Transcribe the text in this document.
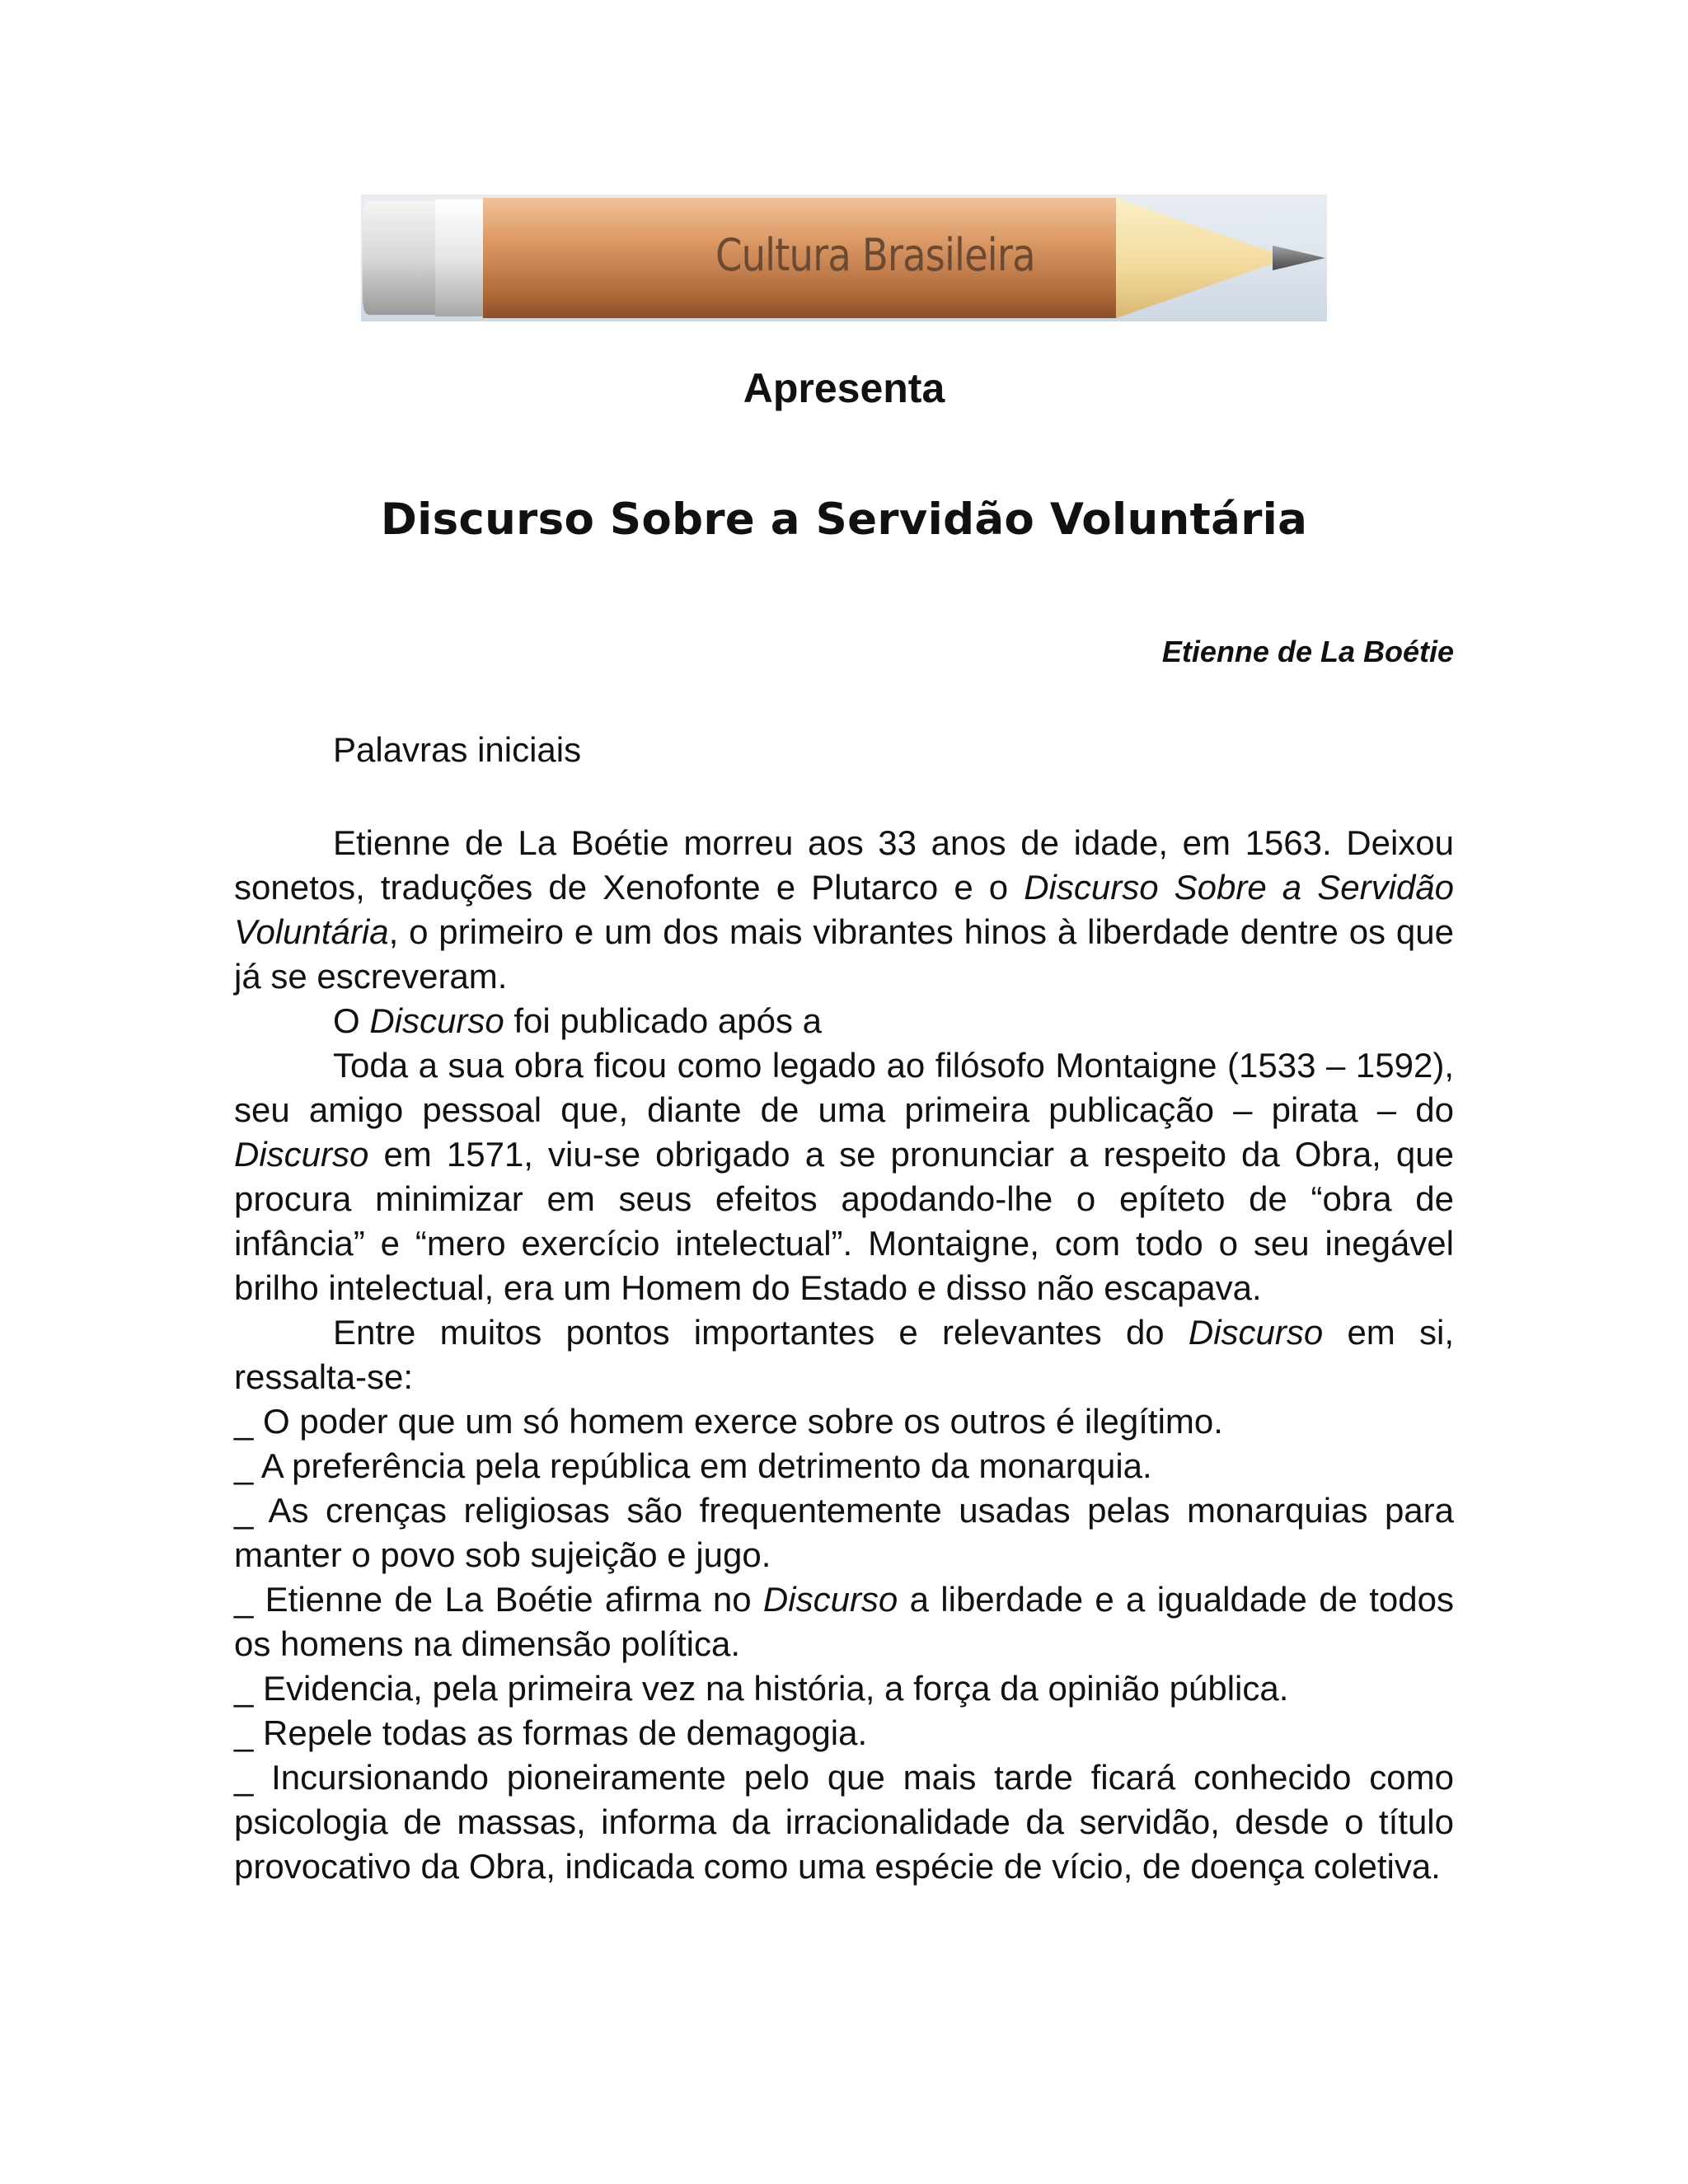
Cultura Brasileira
Apresenta
Discurso Sobre a Servidão Voluntária
Etienne de La Boétie
Palavras iniciais

Etienne de La Boétie morreu aos 33 anos de idade, em 1563. Deixou sonetos, traduções de Xenofonte e Plutarco e o Discurso Sobre a Servidão Voluntária, o primeiro e um dos mais vibrantes hinos à liberdade dentre os que já se escreveram.

O Discurso foi publicado após a

Toda a sua obra ficou como legado ao filósofo Montaigne (1533 – 1592), seu amigo pessoal que, diante de uma primeira publicação – pirata – do Discurso em 1571, viu-se obrigado a se pronunciar a respeito da Obra, que procura minimizar em seus efeitos apodando-lhe o epíteto de “obra de infância” e “mero exercício intelectual”. Montaigne, com todo o seu inegável brilho intelectual, era um Homem do Estado e disso não escapava.

Entre muitos pontos importantes e relevantes do Discurso em si, ressalta-se:

_ O poder que um só homem exerce sobre os outros é ilegítimo.

_ A preferência pela república em detrimento da monarquia.

_ As crenças religiosas são frequentemente usadas pelas monarquias para manter o povo sob sujeição e jugo.

_ Etienne de La Boétie afirma no Discurso a liberdade e a igualdade de todos os homens na dimensão política.

_ Evidencia, pela primeira vez na história, a força da opinião pública.

_ Repele todas as formas de demagogia.

_ Incursionando pioneiramente pelo que mais tarde ficará conhecido como psicologia de massas, informa da irracionalidade da servidão, desde o título provocativo da Obra, indicada como uma espécie de vício, de doença coletiva.
